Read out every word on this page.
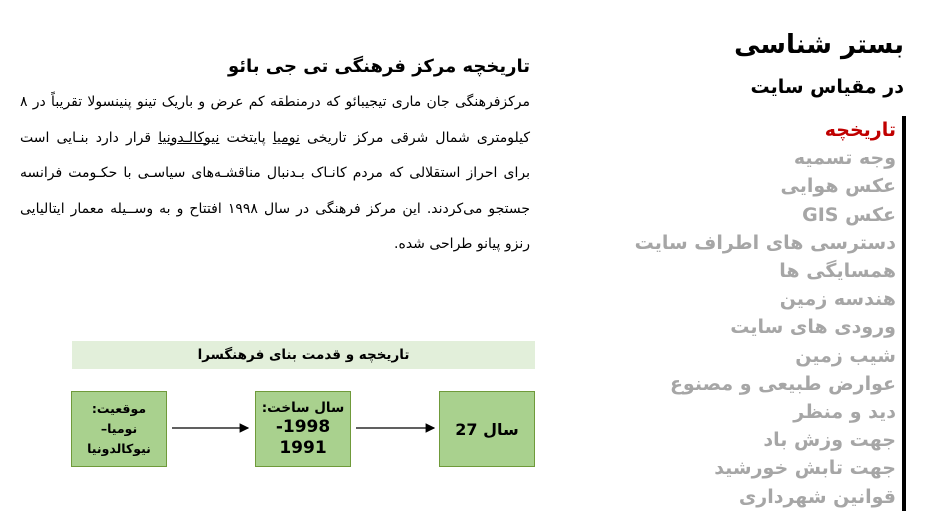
بستر شناسی
در مقیاس سایت
تاریخچه
وجه تسمیه
عکس هوایی
عکس GIS
دسترسی های اطراف سایت
همسایگی ها
هندسه زمین
ورودی های سایت
شیب زمین
عوارض طبیعی و مصنوع
دید و منظر
جهت وزش باد
جهت تابش خورشید
قوانین شهرداری
تاریخچه مرکز فرهنگی تی جی بائو

مرکزفرهنگی جان ماری تیجیبائو که درمنطقه کم عرض و باریک تینو پنینسولا تقریباً در ۸ کیلومتری شمال شرقی مرکز تاریخی نومیا پایتخت نیوکالـدونیا قرار دارد بنـایی است برای احراز استقلالی که مردم کانـاک بـدنبال مناقشـه‌های سیاسـی با حکـومت فرانسه جستجو می‌کردند. این مرکز فرهنگی در سال ۱۹۹۸ افتتاح و به وســیله معمار ایتالیایی رنزو پیانو طراحی شده.

تاریخچه و قدمت بنای فرهنگسرا
موقعیت:
نومیا–
نیوکالدونیا
سال ساخت:
1998-
1991
سال 27
